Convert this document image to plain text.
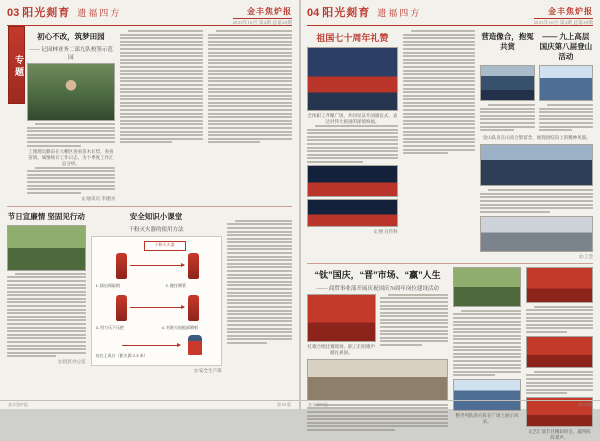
03 阳光剡育 遗福四方	金丰焦炉报
2023年10月 第4期 总第28期
专题
初心不改，筑梦田园
—— 记园林业务二部九队校签示范园
工图理员勤奋在大棚区查看苗木长势，查看苗情、墒情统计工作日志，为下季度工作汇总分析。
文/通讯员 李建国
节日宣廉情 坚固见行动
文/园区办公室
安全知识小课堂
干粉灭火器的使用方法
干粉灭火器
1. 拔出保险销	2. 握住喷管
3. 用力压下压把	4. 对准火焰根部喷射
站在上风口（距火源 2-3 米）
文/安全生产部
金丰焦炉报	第 03 版
04 阳光剡育 遗福四方	金丰焦炉报
2023年10月 第4期 总第28期
祖国七十周年礼赞
全体职工齐聚广场，共同见证升国旗仪式，表达对伟大祖国的深情祝福。
文/图 宣传科
营造像合，抱冤共赏
—— 九上高层国庆第八届登山活动
登山队员在山顶合影留念，展现团结向上的精神风貌。
文/工会
“钛”国庆，“晋”市场、“赢”人生
—— 商贸事业部开展庆祝国庆70周年岗位建设活动
红歌合唱比赛现场，职工们用歌声献礼祖国。
整齐列队的方阵在广场上展示风采。
文艺汇演节目精彩纷呈，赢得阵阵掌声。
金丰焦炉报	第 04 版
